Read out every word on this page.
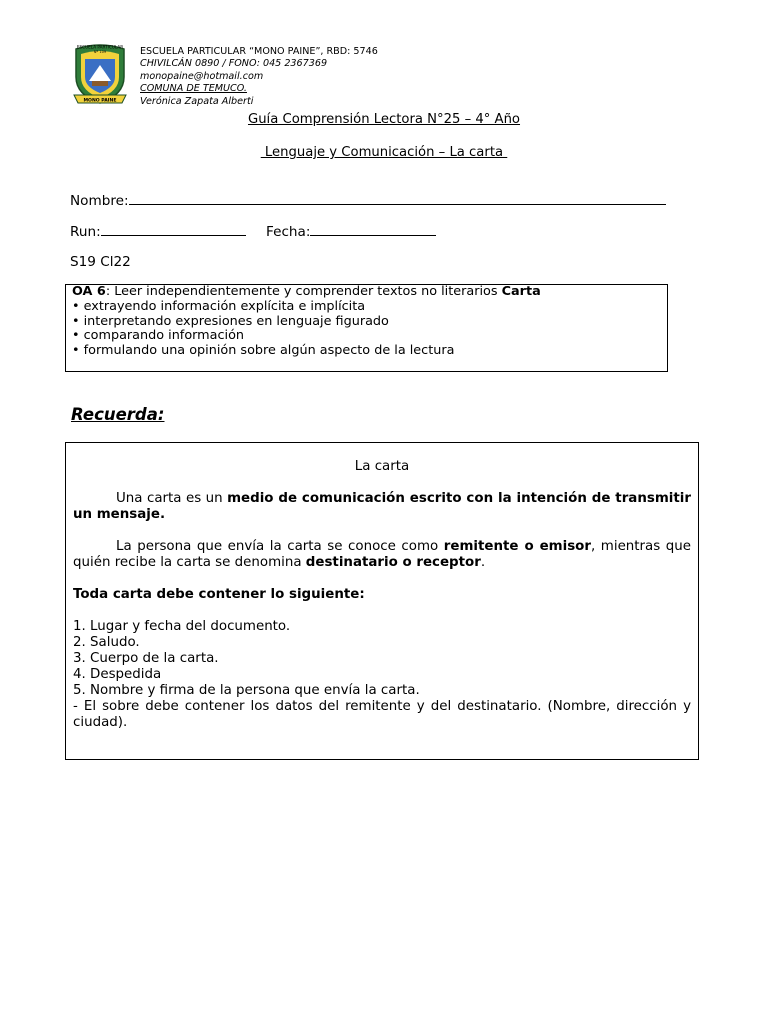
ESCUELA PARTICULAR
Nº 109
MONO PAINE
ESCUELA PARTICULAR “MONO PAINE”, RBD: 5746
CHIVILCÁN 0890 / FONO: 045 2367369
monopaine@hotmail.com
COMUNA DE TEMUCO.
Verónica Zapata Alberti
Guía Comprensión Lectora N°25 – 4° Año
Lenguaje y Comunicación – La carta
Nombre:
Run:	Fecha:
S19 Cl22
OA 6: Leer independientemente y comprender textos no literarios Carta
• extrayendo información explícita e implícita
• interpretando expresiones en lenguaje figurado
• comparando información
• formulando una opinión sobre algún aspecto de la lectura
Recuerda:

La carta

Una carta es un medio de comunicación escrito con la intención de transmitir un mensaje.

La persona que envía la carta se conoce como remitente o emisor, mientras que quién recibe la carta se denomina destinatario o receptor.

Toda carta debe contener lo siguiente:

1. Lugar y fecha del documento.

2. Saludo.

3. Cuerpo de la carta.

4. Despedida

5. Nombre y firma de la persona que envía la carta.

- El sobre debe contener los datos del remitente y del destinatario. (Nombre, dirección y ciudad).
